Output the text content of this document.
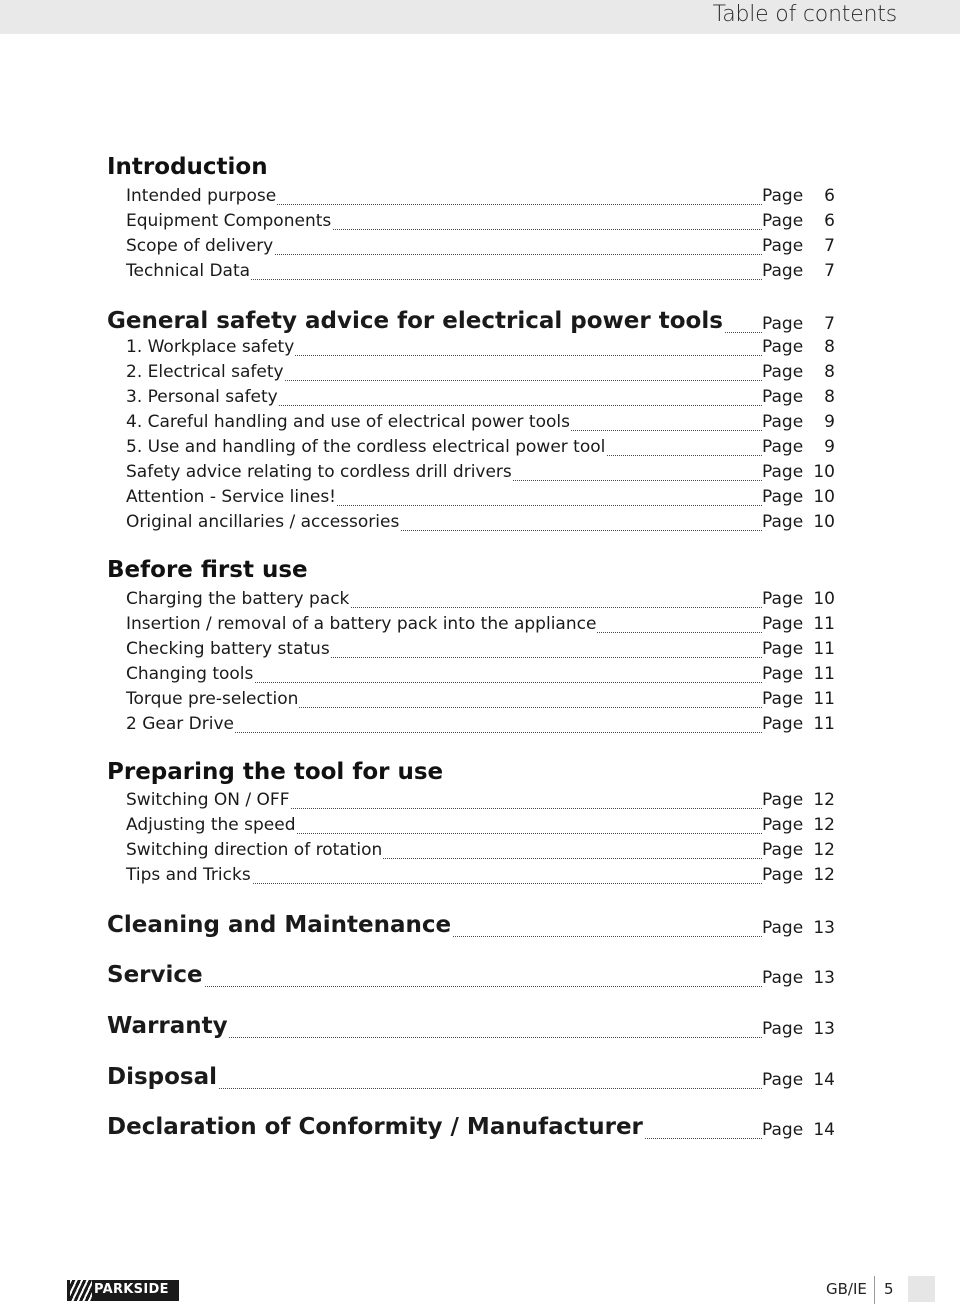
Table of contents
Introduction
Intended purpose	Page	6
Equipment Components	Page	6
Scope of delivery	Page	7
Technical Data	Page	7
General safety advice for electrical power tools Page	7
1. Workplace safety	Page	8
2. Electrical safety	Page	8
3. Personal safety	Page	8
4. Careful handling and use of electrical power tools	Page	9
5. Use and handling of the cordless electrical power tool	Page	9
Safety advice relating to cordless drill drivers	Page 10
Attention - Service lines!	Page 10
Original ancillaries / accessories	Page 10
Before first use
Charging the battery pack	Page 10
Insertion / removal of a battery pack into the appliance	Page 11
Checking battery status	Page 11
Changing tools	Page 11
Torque pre-selection	Page 11
2 Gear Drive	Page 11
Preparing the tool for use
Switching ON / OFF	Page 12
Adjusting the speed	Page 12
Switching direction of rotation	Page 12
Tips and Tricks	Page 12
Cleaning and Maintenance	Page 13
Service	Page 13
Warranty	Page 13
Disposal	Page 14
Declaration of Conformity / Manufacturer	Page 14
PARKSIDE	GB/IE 5
